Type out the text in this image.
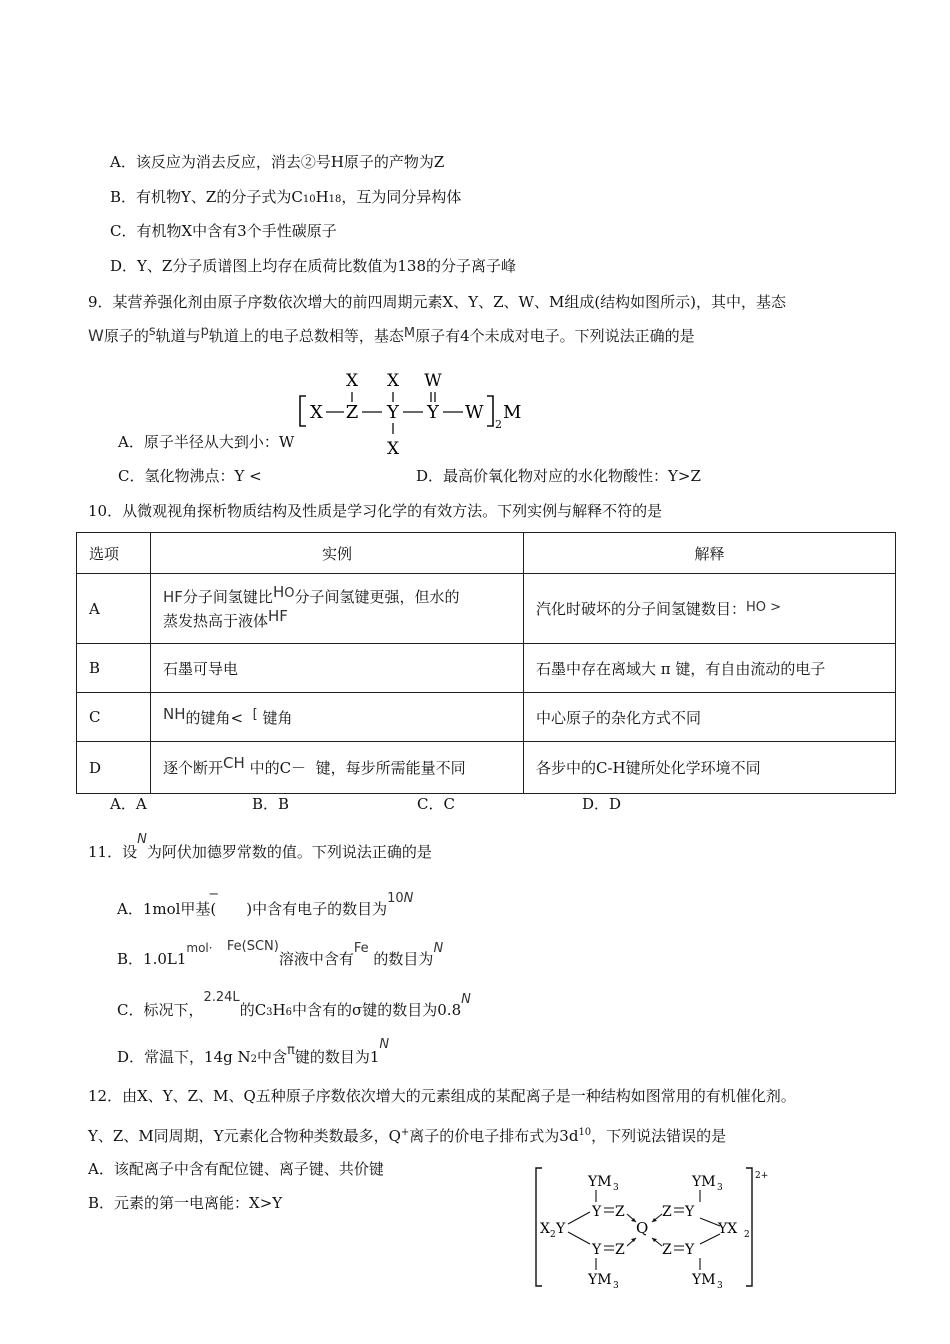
A．该反应为消去反应，消去②号H原子的产物为Z
B．有机物Y、Z的分子式为C10H18，互为同分异构体
C．有机物X中含有3个手性碳原子
D．Y、Z分子质谱图上均存在质荷比数值为138的分子离子峰
9．某营养强化剂由原子序数依次增大的前四周期元素X、Y、Z、W、M组成(结构如图所示)，其中，基态
W原子的s轨道与p轨道上的电子总数相等，基态M原子有4个未成对电子。下列说法正确的是
X X W
X Z Y Y W
2
M
X
A．原子半径从大到小：W
C．氢化物沸点：Y <	D．最高价氧化物对应的水化物酸性：Y>Z
10．从微观视角探析物质结构及性质是学习化学的有效方法。下列实例与解释不符的是
选项	实例	解释
A	HF分子间氢键比HO分子间氢键更强，但水的
蒸发热高于液体HF	汽化时破坏的分子间氢键数目：HO >
B	石墨可导电	石墨中存在离域大 π 键，有自由流动的电子
C	NH的键角< [ 键角	中心原子的杂化方式不同
D	逐个断开CH 中的C－ 键，每步所需能量不同	各步中的C-H键所处化学环境不同
A．A	B．B	C．C	D．D
11．设N为阿伏加德罗常数的值。下列说法正确的是
A．1mol甲基(−    )中含有电子的数目为10N
B．$1.0L1^{mol\cdot}$ Fe(SCN)溶液中含有Fe 的数目为N
C．标况下，2.24L的C3H6中含有的σ键的数目为0.8N
D．常温下，14g N2中含π键的数目为1N
12．由X、Y、Z、M、Q五种原子序数依次增大的元素组成的某配离子是一种结构如图常用的有机催化剂。
Y、Z、M同周期，Y元素化合物种类数最多，Q+离子的价电子排布式为$3d^{10}$，下列说法错误的是
A．该配离子中含有配位键、离子键、共价键
B．元素的第一电离能：X>Y
2+
YM 3	YM 3
Y Z	Z Y
X 2 Y	Q	YX 2
Y Z	Z Y
YM 3	YM 3
